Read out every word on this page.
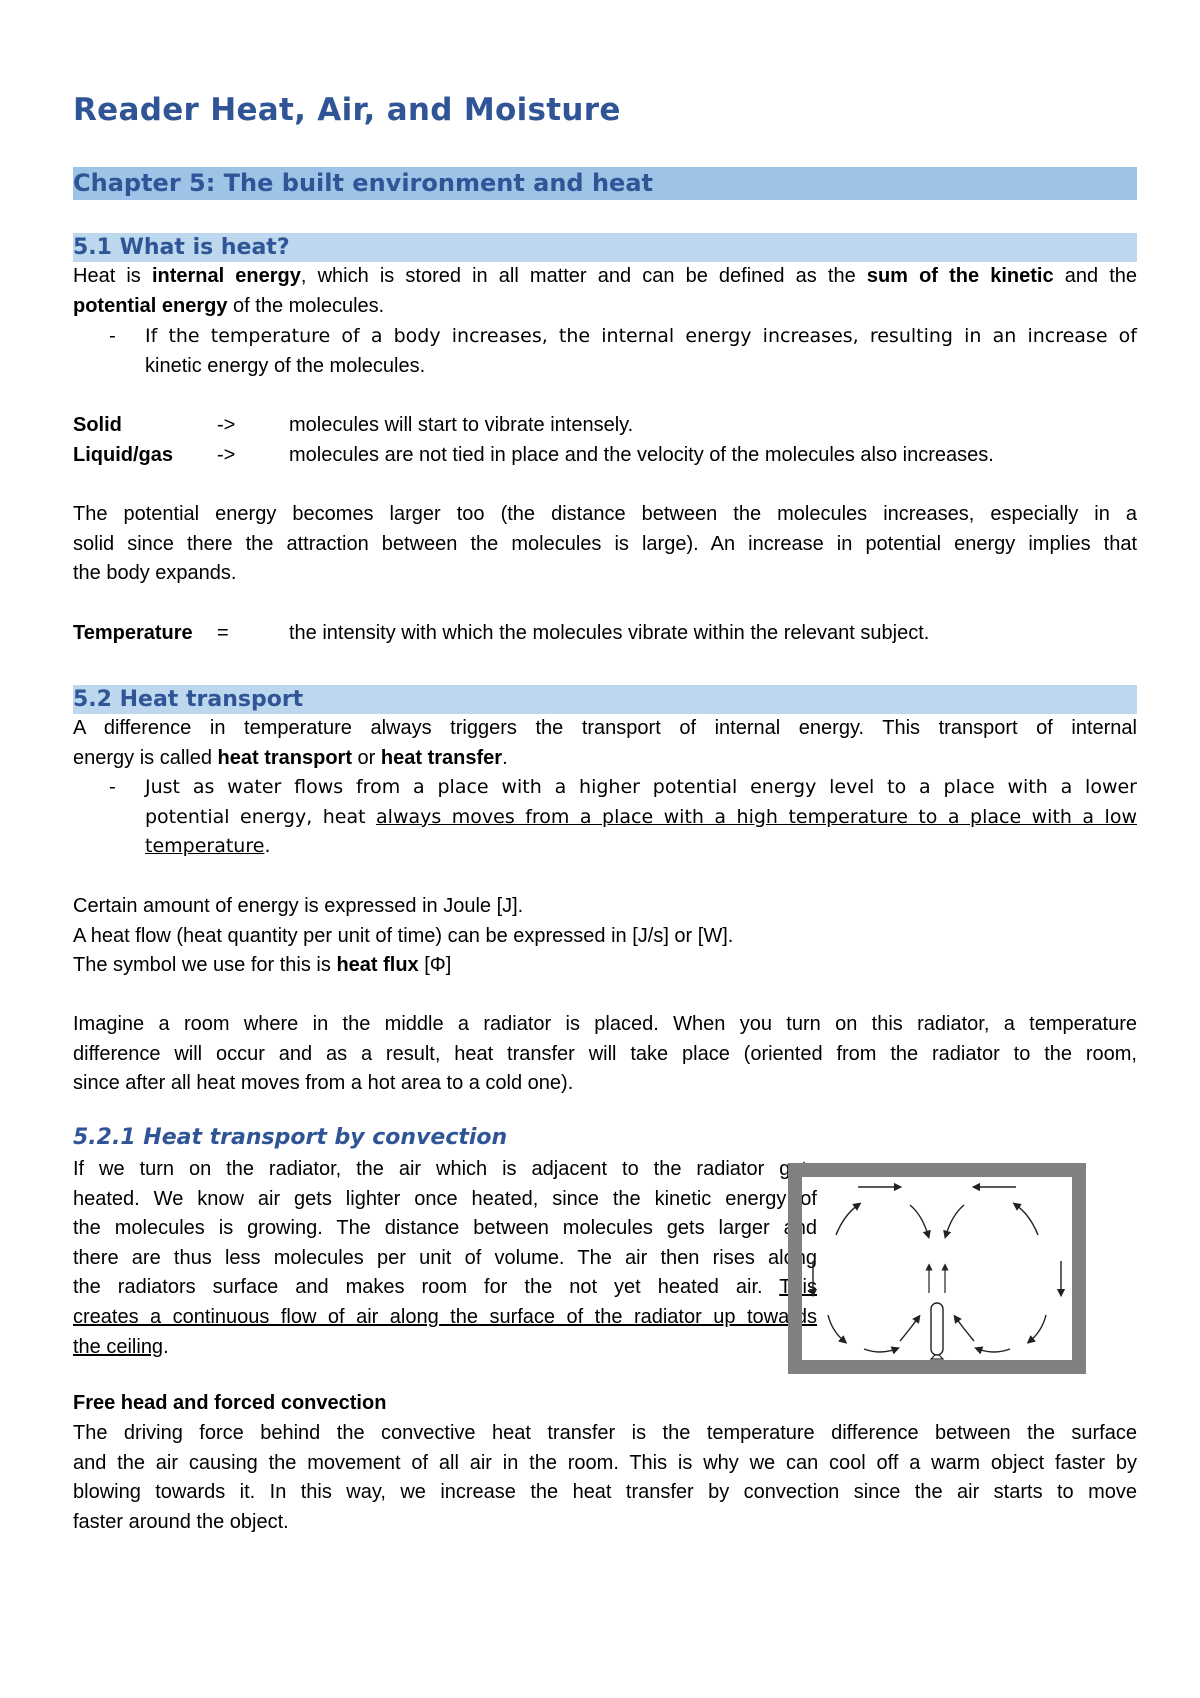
Reader Heat, Air, and Moisture
Chapter 5: The built environment and heat
5.1 What is heat?
Heat is internal energy, which is stored in all matter and can be defined as the sum of the kinetic and the
potential energy of the molecules.
- If the temperature of a body increases, the internal energy increases, resulting in an increase of
kinetic energy of the molecules.
Solid	->	molecules will start to vibrate intensely.
Liquid/gas ->	molecules are not tied in place and the velocity of the molecules also increases.
The potential energy becomes larger too (the distance between the molecules increases, especially in a
solid since there the attraction between the molecules is large). An increase in potential energy implies that
the body expands.
Temperature =	the intensity with which the molecules vibrate within the relevant subject.
5.2 Heat transport
A difference in temperature always triggers the transport of internal energy. This transport of internal
energy is called heat transport or heat transfer.
- Just as water flows from a place with a higher potential energy level to a place with a lower
potential energy, heat always moves from a place with a high temperature to a place with a low
temperature.
Certain amount of energy is expressed in Joule [J].
A heat flow (heat quantity per unit of time) can be expressed in [J/s] or [W].
The symbol we use for this is heat flux [Φ]
Imagine a room where in the middle a radiator is placed. When you turn on this radiator, a temperature
difference will occur and as a result, heat transfer will take place (oriented from the radiator to the room,
since after all heat moves from a hot area to a cold one).
5.2.1 Heat transport by convection
If we turn on the radiator, the air which is adjacent to the radiator gets
heated. We know air gets lighter once heated, since the kinetic energy of
the molecules is growing. The distance between molecules gets larger and
there are thus less molecules per unit of volume. The air then rises along
the radiators surface and makes room for the not yet heated air. This
creates a continuous flow of air along the surface of the radiator up towards
the ceiling.
Free head and forced convection
The driving force behind the convective heat transfer is the temperature difference between the surface
and the air causing the movement of all air in the room. This is why we can cool off a warm object faster by
blowing towards it. In this way, we increase the heat transfer by convection since the air starts to move
faster around the object.
